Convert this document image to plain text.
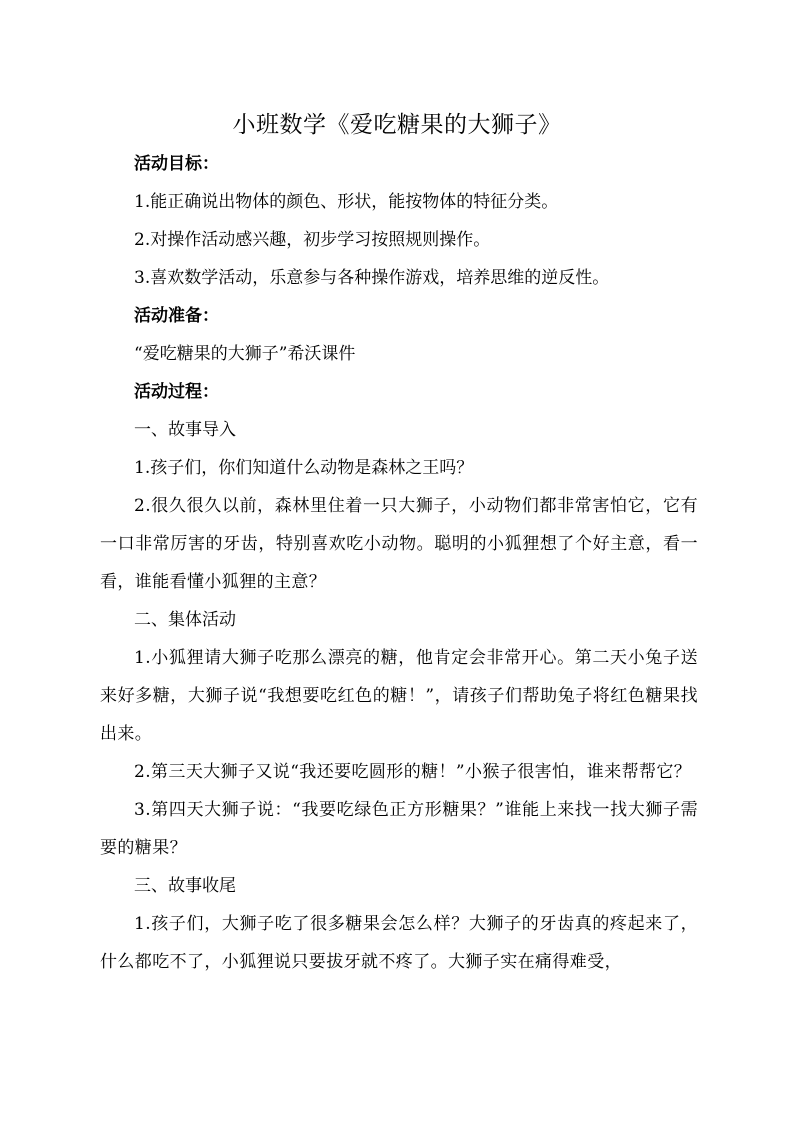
小班数学《爱吃糖果的大狮子》

活动目标：

1.能正确说出物体的颜色、形状，能按物体的特征分类。

2.对操作活动感兴趣，初步学习按照规则操作。

3.喜欢数学活动，乐意参与各种操作游戏，培养思维的逆反性。

活动准备：

“爱吃糖果的大狮子”希沃课件

活动过程：

一、故事导入

1.孩子们，你们知道什么动物是森林之王吗？

2.很久很久以前，森林里住着一只大狮子，小动物们都非常害怕它，它有一口非常厉害的牙齿，特别喜欢吃小动物。聪明的小狐狸想了个好主意，看一看，谁能看懂小狐狸的主意？

二、集体活动

1.小狐狸请大狮子吃那么漂亮的糖，他肯定会非常开心。第二天小兔子送来好多糖，大狮子说“我想要吃红色的糖！”，请孩子们帮助兔子将红色糖果找出来。

2.第三天大狮子又说“我还要吃圆形的糖！”小猴子很害怕，谁来帮帮它？

3.第四天大狮子说：“我要吃绿色正方形糖果？”谁能上来找一找大狮子需要的糖果？

三、故事收尾

1.孩子们，大狮子吃了很多糖果会怎么样？大狮子的牙齿真的疼起来了，什么都吃不了，小狐狸说只要拔牙就不疼了。大狮子实在痛得难受，
